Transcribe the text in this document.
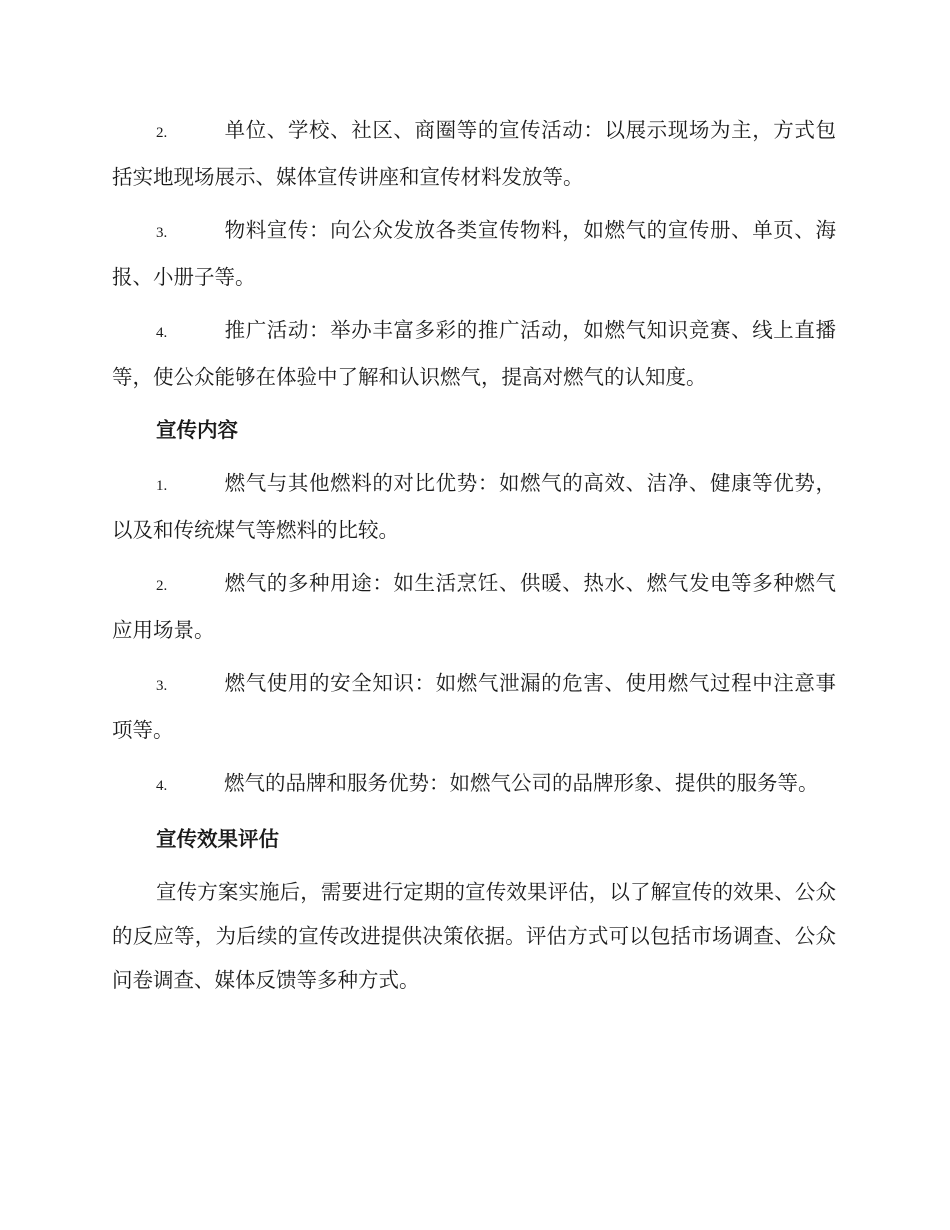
2.	单位、学校、社区、商圈等的宣传活动：以展示现场为主，方式包括实地现场展示、媒体宣传讲座和宣传材料发放等。

3.	物料宣传：向公众发放各类宣传物料，如燃气的宣传册、单页、海报、小册子等。

4.	推广活动：举办丰富多彩的推广活动，如燃气知识竞赛、线上直播等，使公众能够在体验中了解和认识燃气，提高对燃气的认知度。

宣传内容

1.	燃气与其他燃料的对比优势：如燃气的高效、洁净、健康等优势，以及和传统煤气等燃料的比较。

2.	燃气的多种用途：如生活烹饪、供暖、热水、燃气发电等多种燃气应用场景。

3.	燃气使用的安全知识：如燃气泄漏的危害、使用燃气过程中注意事项等。

4.	燃气的品牌和服务优势：如燃气公司的品牌形象、提供的服务等。

宣传效果评估

宣传方案实施后，需要进行定期的宣传效果评估，以了解宣传的效果、公众的反应等，为后续的宣传改进提供决策依据。评估方式可以包括市场调查、公众问卷调查、媒体反馈等多种方式。
